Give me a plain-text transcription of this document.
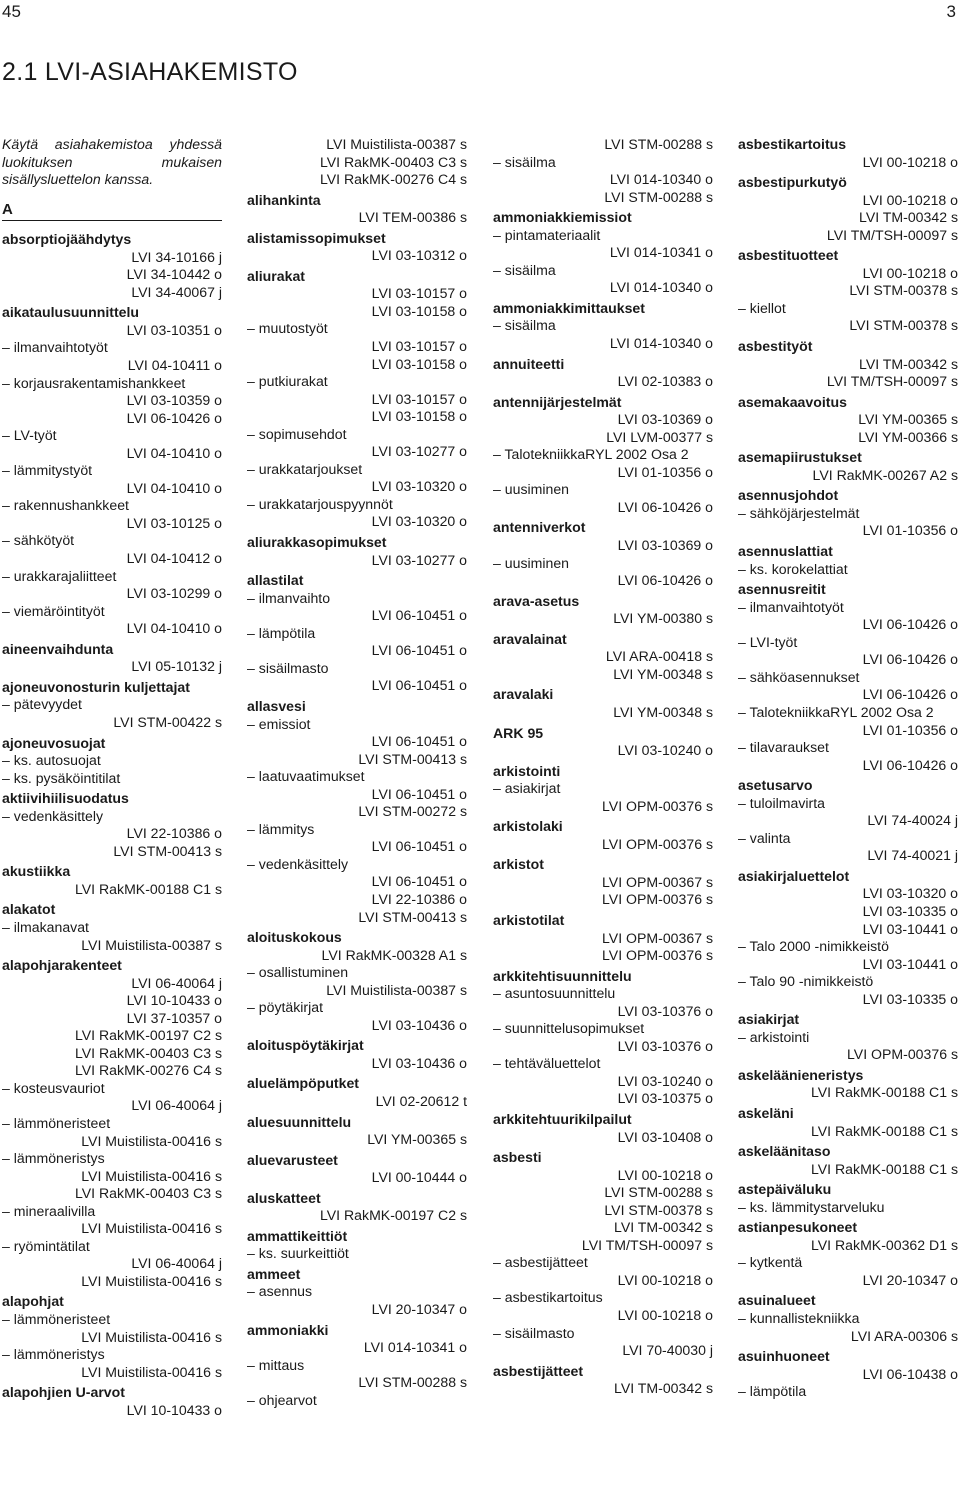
45	3
2.1 LVI-ASIAHAKEMISTO
Käytä asiahakemistoa yhdessä luokituksen mukaisen sisällysluettelon kanssa.
A
absorptiojäähdytys
LVI 34-10166 j
LVI 34-10442 o
LVI 34-40067 j
aikataulusuunnittelu
LVI 03-10351 o
– ilmanvaihtotyöt
LVI 04-10411 o
– korjausrakentamishankkeet
LVI 03-10359 o
LVI 06-10426 o
– LV-työt
LVI 04-10410 o
– lämmitystyöt
LVI 04-10410 o
– rakennushankkeet
LVI 03-10125 o
– sähkötyöt
LVI 04-10412 o
– urakkarajaliitteet
LVI 03-10299 o
– viemäröintityöt
LVI 04-10410 o
aineenvaihdunta
LVI 05-10132 j
ajoneuvonosturin kuljettajat
– pätevyydet
LVI STM-00422 s
ajoneuvosuojat
– ks. autosuojat
– ks. pysäköintitilat
aktiivihiilisuodatus
– vedenkäsittely
LVI 22-10386 o
LVI STM-00413 s
akustiikka
LVI RakMK-00188 C1 s
alakatot
– ilmakanavat
LVI Muistilista-00387 s
alapohjarakenteet
LVI 06-40064 j
LVI 10-10433 o
LVI 37-10357 o
LVI RakMK-00197 C2 s
LVI RakMK-00403 C3 s
LVI RakMK-00276 C4 s
– kosteusvauriot
LVI 06-40064 j
– lämmöneristeet
LVI Muistilista-00416 s
– lämmöneristys
LVI Muistilista-00416 s
LVI RakMK-00403 C3 s
– mineraalivilla
LVI Muistilista-00416 s
– ryömintätilat
LVI 06-40064 j
LVI Muistilista-00416 s
alapohjat
– lämmöneristeet
LVI Muistilista-00416 s
– lämmöneristys
LVI Muistilista-00416 s
alapohjien U-arvot
LVI 10-10433 o
LVI Muistilista-00387 s
LVI RakMK-00403 C3 s
LVI RakMK-00276 C4 s
alihankinta
LVI TEM-00386 s
alistamissopimukset
LVI 03-10312 o
aliurakat
LVI 03-10157 o
LVI 03-10158 o
– muutostyöt
LVI 03-10157 o
LVI 03-10158 o
– putkiurakat
LVI 03-10157 o
LVI 03-10158 o
– sopimusehdot
LVI 03-10277 o
– urakkatarjoukset
LVI 03-10320 o
– urakkatarjouspyynnöt
LVI 03-10320 o
aliurakkasopimukset
LVI 03-10277 o
allastilat
– ilmanvaihto
LVI 06-10451 o
– lämpötila
LVI 06-10451 o
– sisäilmasto
LVI 06-10451 o
allasvesi
– emissiot
LVI 06-10451 o
LVI STM-00413 s
– laatuvaatimukset
LVI 06-10451 o
LVI STM-00272 s
– lämmitys
LVI 06-10451 o
– vedenkäsittely
LVI 06-10451 o
LVI 22-10386 o
LVI STM-00413 s
aloituskokous
LVI RakMK-00328 A1 s
– osallistuminen
LVI Muistilista-00387 s
– pöytäkirjat
LVI 03-10436 o
aloituspöytäkirjat
LVI 03-10436 o
aluelämpöputket
LVI 02-20612 t
aluesuunnittelu
LVI YM-00365 s
aluevarusteet
LVI 00-10444 o
aluskatteet
LVI RakMK-00197 C2 s
ammattikeittiöt
– ks. suurkeittiöt
ammeet
– asennus
LVI 20-10347 o
ammoniakki
LVI 014-10341 o
– mittaus
LVI STM-00288 s
– ohjearvot
LVI STM-00288 s
– sisäilma
LVI 014-10340 o
LVI STM-00288 s
ammoniakkiemissiot
– pintamateriaalit
LVI 014-10341 o
– sisäilma
LVI 014-10340 o
ammoniakkimittaukset
– sisäilma
LVI 014-10340 o
annuiteetti
LVI 02-10383 o
antennijärjestelmät
LVI 03-10369 o
LVI LVM-00377 s
– TalotekniikkaRYL 2002 Osa 2
LVI 01-10356 o
– uusiminen
LVI 06-10426 o
antenniverkot
LVI 03-10369 o
– uusiminen
LVI 06-10426 o
arava-asetus
LVI YM-00380 s
aravalainat
LVI ARA-00418 s
LVI YM-00348 s
aravalaki
LVI YM-00348 s
ARK 95
LVI 03-10240 o
arkistointi
– asiakirjat
LVI OPM-00376 s
arkistolaki
LVI OPM-00376 s
arkistot
LVI OPM-00367 s
LVI OPM-00376 s
arkistotilat
LVI OPM-00367 s
LVI OPM-00376 s
arkkitehtisuunnittelu
– asuntosuunnittelu
LVI 03-10376 o
– suunnittelusopimukset
LVI 03-10376 o
– tehtäväluettelot
LVI 03-10240 o
LVI 03-10375 o
arkkitehtuurikilpailut
LVI 03-10408 o
asbesti
LVI 00-10218 o
LVI STM-00288 s
LVI STM-00378 s
LVI TM-00342 s
LVI TM/TSH-00097 s
– asbestijätteet
LVI 00-10218 o
– asbestikartoitus
LVI 00-10218 o
– sisäilmasto
LVI 70-40030 j
asbestijätteet
LVI TM-00342 s
asbestikartoitus
LVI 00-10218 o
asbestipurkutyö
LVI 00-10218 o
LVI TM-00342 s
LVI TM/TSH-00097 s
asbestituotteet
LVI 00-10218 o
LVI STM-00378 s
– kiellot
LVI STM-00378 s
asbestityöt
LVI TM-00342 s
LVI TM/TSH-00097 s
asemakaavoitus
LVI YM-00365 s
LVI YM-00366 s
asemapiirustukset
LVI RakMK-00267 A2 s
asennusjohdot
– sähköjärjestelmät
LVI 01-10356 o
asennuslattiat
– ks. korokelattiat
asennusreitit
– ilmanvaihtotyöt
LVI 06-10426 o
– LVI-työt
LVI 06-10426 o
– sähköasennukset
LVI 06-10426 o
– TalotekniikkaRYL 2002 Osa 2
LVI 01-10356 o
– tilavaraukset
LVI 06-10426 o
asetusarvo
– tuloilmavirta
LVI 74-40024 j
– valinta
LVI 74-40021 j
asiakirjaluettelot
LVI 03-10320 o
LVI 03-10335 o
LVI 03-10441 o
– Talo 2000 -nimikkeistö
LVI 03-10441 o
– Talo 90 -nimikkeistö
LVI 03-10335 o
asiakirjat
– arkistointi
LVI OPM-00376 s
askeläänieneristys
LVI RakMK-00188 C1 s
askeläni
LVI RakMK-00188 C1 s
askeläänitaso
LVI RakMK-00188 C1 s
astepäiväluku
– ks. lämmitystarveluku
astianpesukoneet
LVI RakMK-00362 D1 s
– kytkentä
LVI 20-10347 o
asuinalueet
– kunnallistekniikka
LVI ARA-00306 s
asuinhuoneet
LVI 06-10438 o
– lämpötila
